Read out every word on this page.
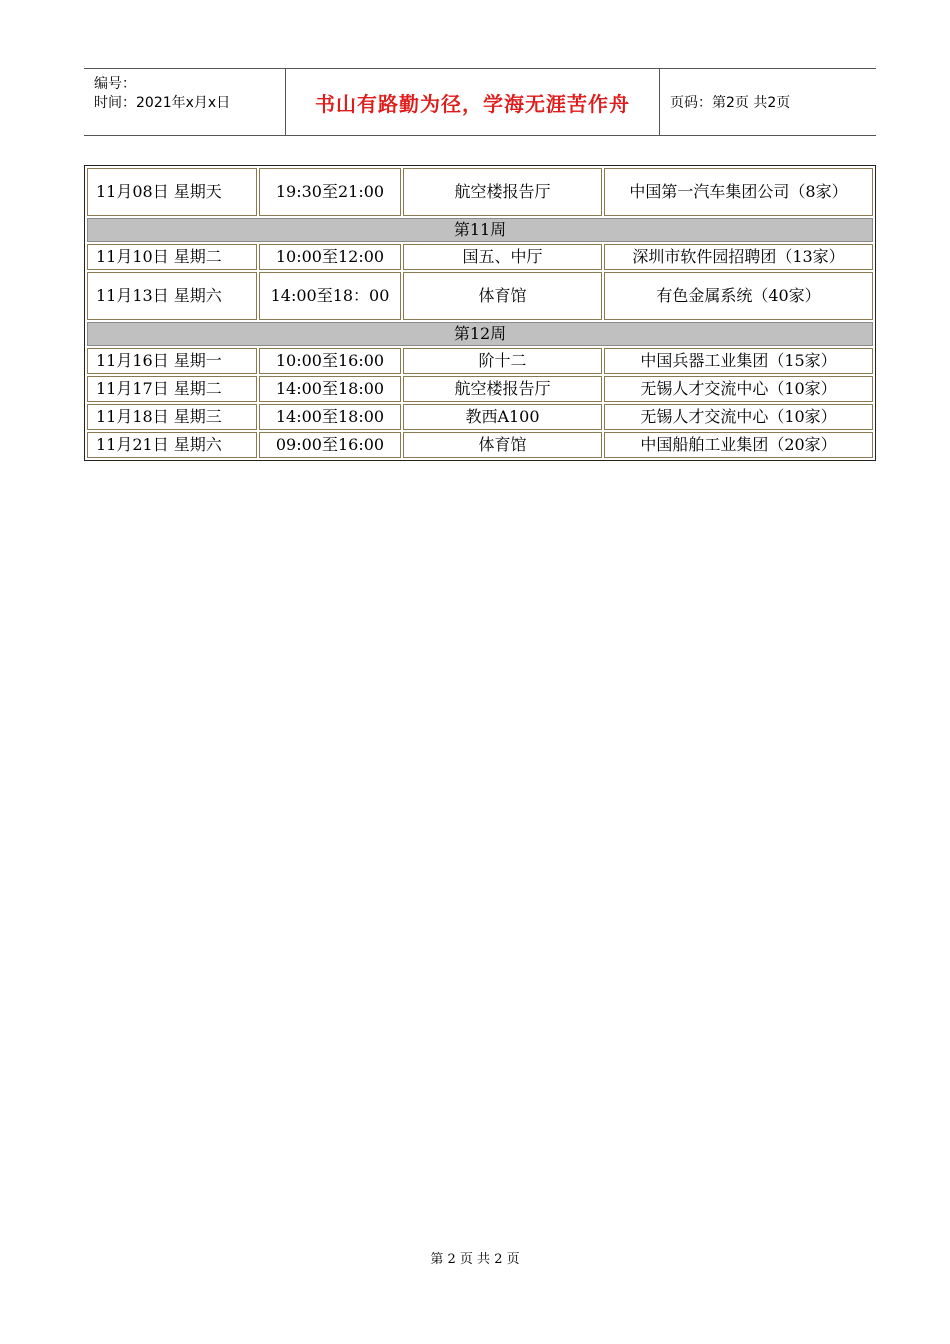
编号：
时间：2021年x月x日	书山有路勤为径，学海无涯苦作舟	页码：第2页 共2页
11月08日 星期天	19:30至21:00	航空楼报告厅	中国第一汽车集团公司（8家）
第11周			
11月10日 星期二	10:00至12:00	国五、中厅	深圳市软件园招聘团（13家）
11月13日 星期六	14:00至18：00	体育馆	有色金属系统（40家）
第12周			
11月16日 星期一	10:00至16:00	阶十二	中国兵器工业集团（15家）
11月17日 星期二	14:00至18:00	航空楼报告厅	无锡人才交流中心（10家）
11月18日 星期三	14:00至18:00	教西A100	无锡人才交流中心（10家）
11月21日 星期六	09:00至16:00	体育馆	中国船舶工业集团（20家）
第 2 页 共 2 页
